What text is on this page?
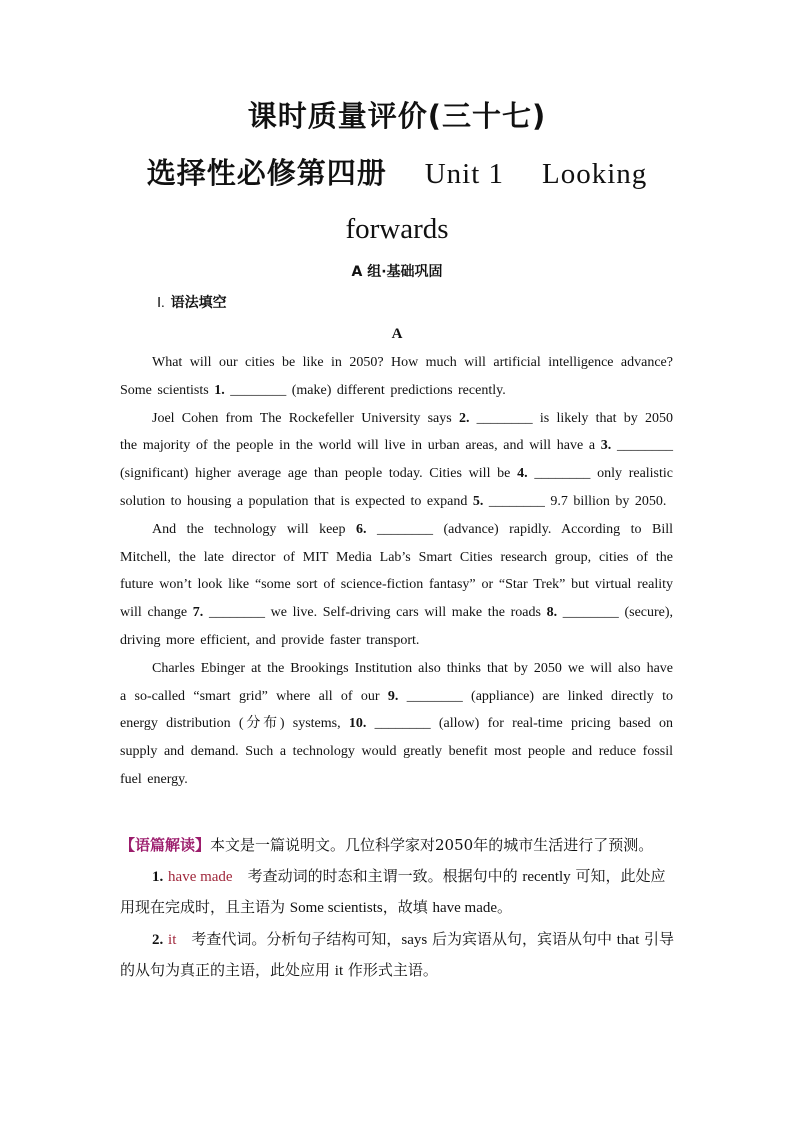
课时质量评价(三十七)
选择性必修第四册 Unit 1 Looking
forwards
A 组·基础巩固
Ⅰ. 语法填空
A

What will our cities be like in 2050? How much will artificial intelligence advance? Some scientists 1. ________ (make) different predictions recently.

Joel Cohen from The Rockefeller University says 2. ________ is likely that by 2050 the majority of the people in the world will live in urban areas, and will have a 3. ________ (significant) higher average age than people today. Cities will be 4. ________ only realistic solution to housing a population that is expected to expand 5. ________ 9.7 billion by 2050.

And the technology will keep 6. ________ (advance) rapidly. According to Bill Mitchell, the late director of MIT Media Lab’s Smart Cities research group, cities of the future won’t look like “some sort of science-fiction fantasy” or “Star Trek” but virtual reality will change 7. ________ we live. Self-driving cars will make the roads 8. ________ (secure), driving more efficient, and provide faster transport.

Charles Ebinger at the Brookings Institution also thinks that by 2050 we will also have a so-called “smart grid” where all of our 9. ________ (appliance) are linked directly to energy distribution (分布) systems, 10. ________ (allow) for real-time pricing based on supply and demand. Such a technology would greatly benefit most people and reduce fossil fuel energy.

【语篇解读】本文是一篇说明文。几位科学家对2050年的城市生活进行了预测。

1. have made　考查动词的时态和主谓一致。根据句中的 recently 可知，此处应用现在完成时，且主语为 Some scientists，故填 have made。

2. it　考查代词。分析句子结构可知，says 后为宾语从句，宾语从句中 that 引导的从句为真正的主语，此处应用 it 作形式主语。
